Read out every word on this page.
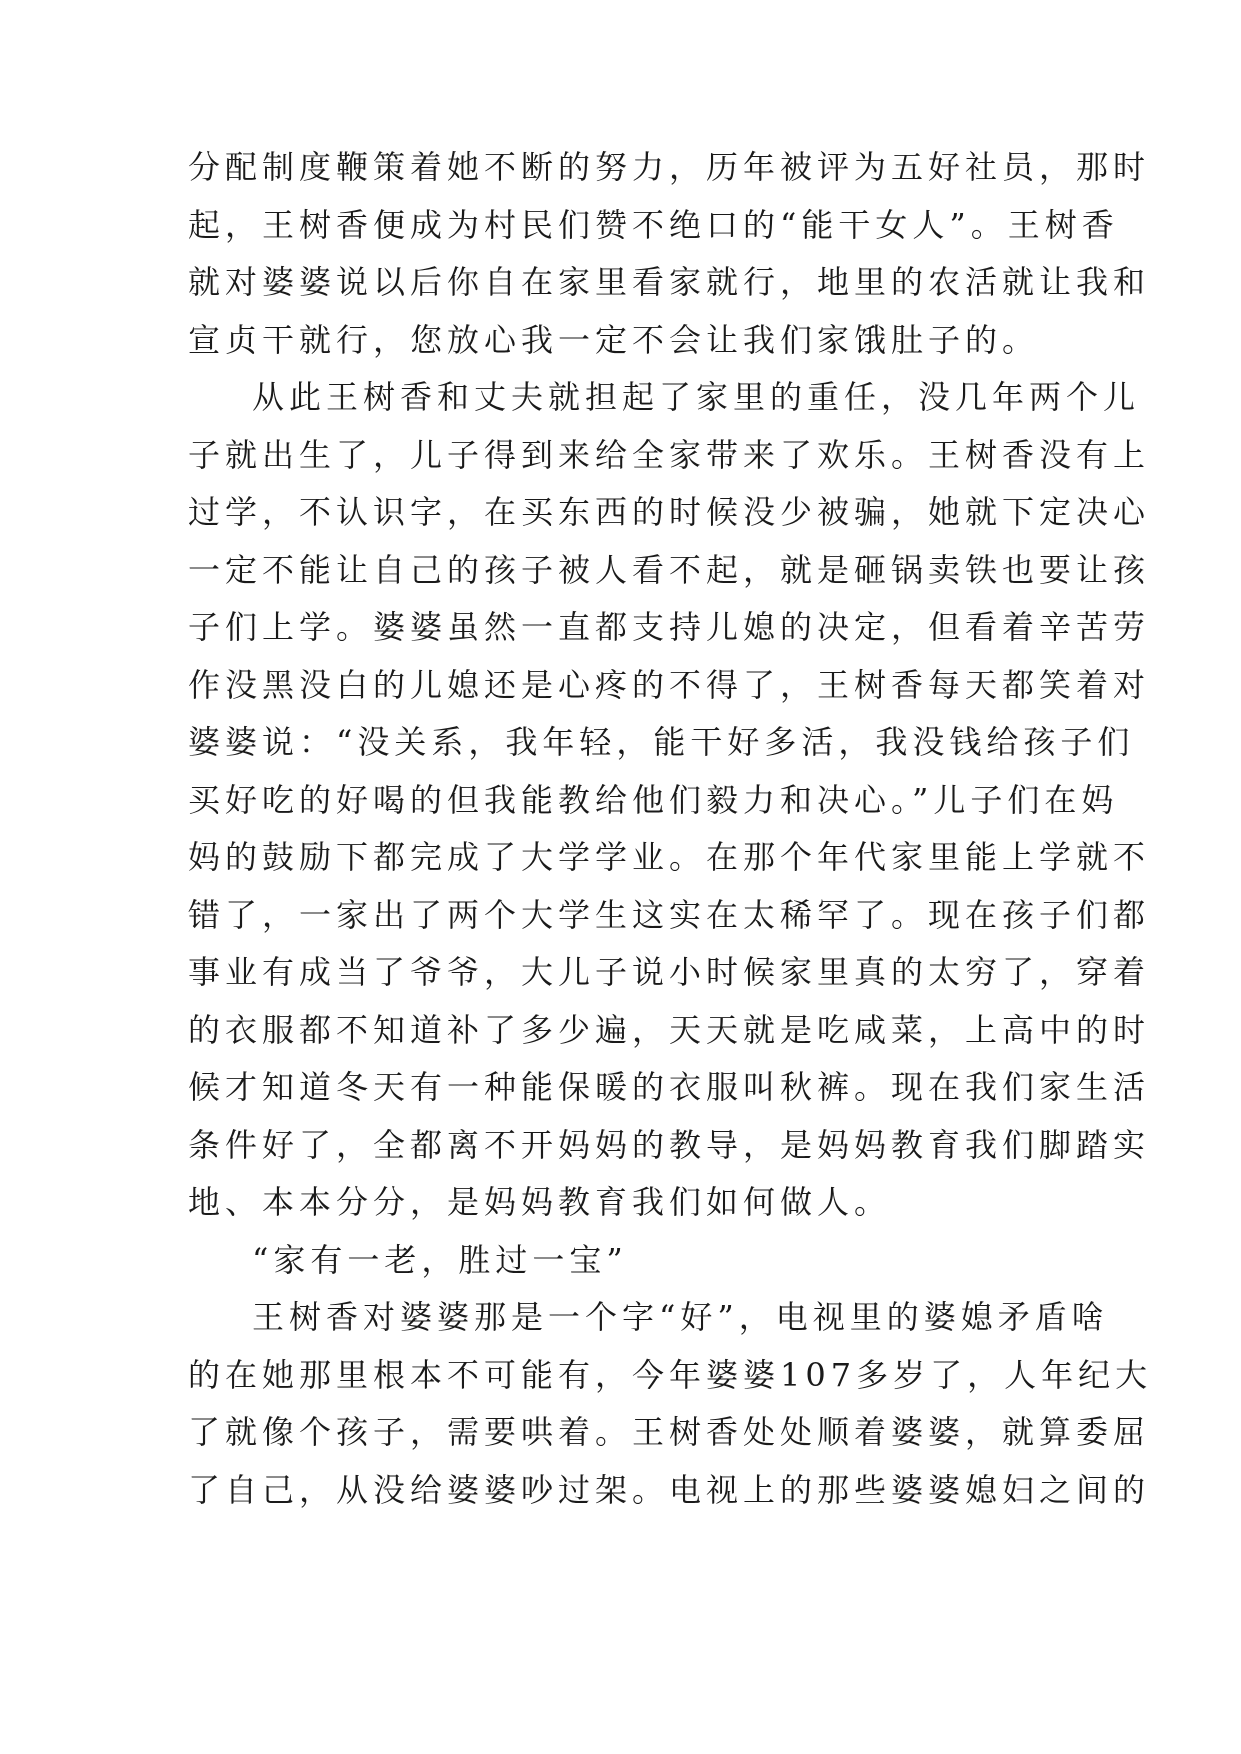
分配制度鞭策着她不断的努力，历年被评为五好社员，那时
起，王树香便成为村民们赞不绝口的“能干女人”。王树香
就对婆婆说以后你自在家里看家就行，地里的农活就让我和
宣贞干就行，您放心我一定不会让我们家饿肚子的。
从此王树香和丈夫就担起了家里的重任，没几年两个儿
子就出生了，儿子得到来给全家带来了欢乐。王树香没有上
过学，不认识字，在买东西的时候没少被骗，她就下定决心
一定不能让自己的孩子被人看不起，就是砸锅卖铁也要让孩
子们上学。婆婆虽然一直都支持儿媳的决定，但看着辛苦劳
作没黑没白的儿媳还是心疼的不得了，王树香每天都笑着对
婆婆说：“没关系，我年轻，能干好多活，我没钱给孩子们
买好吃的好喝的但我能教给他们毅力和决心。”儿子们在妈
妈的鼓励下都完成了大学学业。在那个年代家里能上学就不
错了，一家出了两个大学生这实在太稀罕了。现在孩子们都
事业有成当了爷爷，大儿子说小时候家里真的太穷了，穿着
的衣服都不知道补了多少遍，天天就是吃咸菜，上高中的时
候才知道冬天有一种能保暖的衣服叫秋裤。现在我们家生活
条件好了，全都离不开妈妈的教导，是妈妈教育我们脚踏实
地、本本分分，是妈妈教育我们如何做人。
“家有一老，胜过一宝”
王树香对婆婆那是一个字“好”，电视里的婆媳矛盾啥
的在她那里根本不可能有，今年婆婆107多岁了，人年纪大
了就像个孩子，需要哄着。王树香处处顺着婆婆，就算委屈
了自己，从没给婆婆吵过架。电视上的那些婆婆媳妇之间的
